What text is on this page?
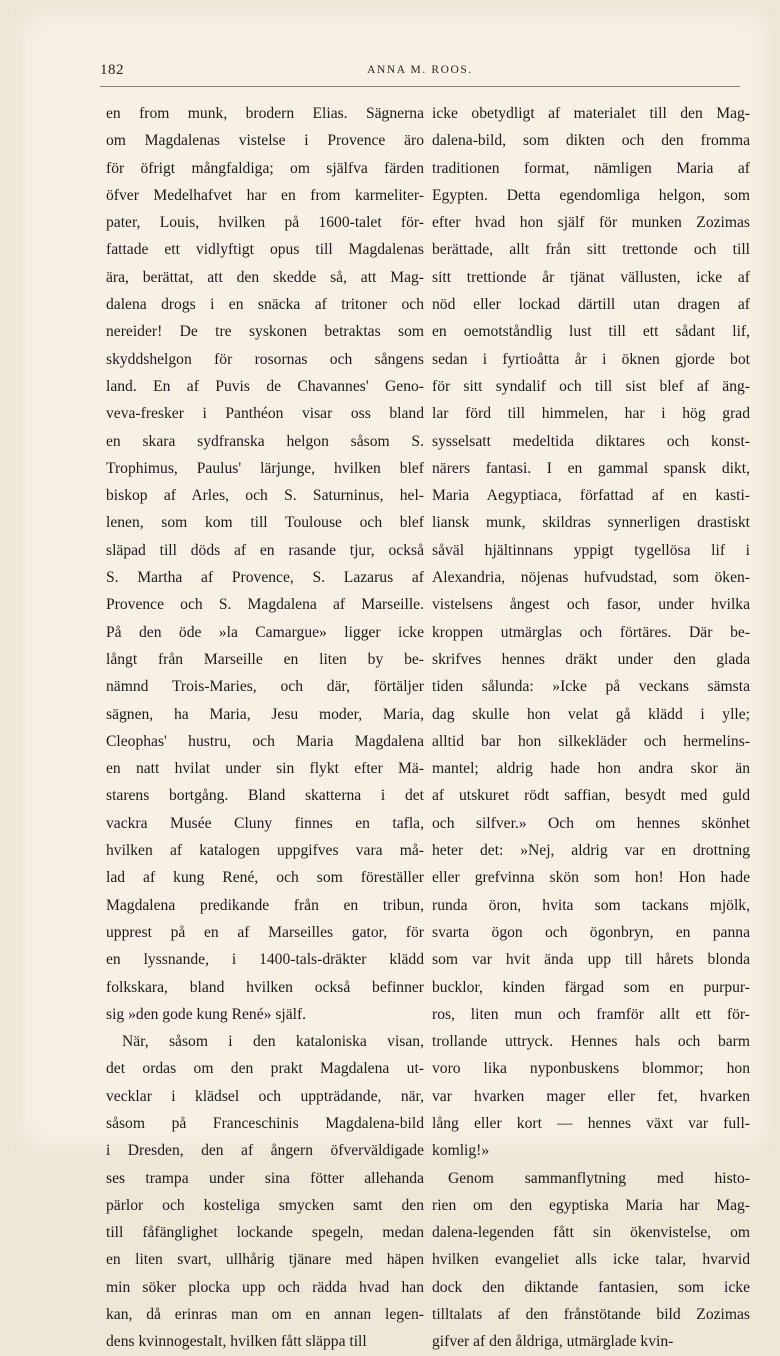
182	ANNA M. ROOS.
en from munk, brodern Elias. Sägnerna
om Magdalenas vistelse i Provence äro
för öfrigt mångfaldiga; om själfva färden
öfver Medelhafvet har en from karmeliter-
pater, Louis, hvilken på 1600-talet för-
fattade ett vidlyftigt opus till Magdalenas
ära, berättat, att den skedde så, att Mag-
dalena drogs i en snäcka af tritoner och
nereider! De tre syskonen betraktas som
skyddshelgon för rosornas och sångens
land. En af Puvis de Chavannes' Geno-
veva-fresker i Panthéon visar oss bland
en skara sydfranska helgon såsom S.
Trophimus, Paulus' lärjunge, hvilken blef
biskop af Arles, och S. Saturninus, hel-
lenen, som kom till Toulouse och blef
släpad till döds af en rasande tjur, också
S. Martha af Provence, S. Lazarus af
Provence och S. Magdalena af Marseille.
På den öde »la Camargue» ligger icke
långt från Marseille en liten by be-
nämnd Trois-Maries, och där, förtäljer
sägnen, ha Maria, Jesu moder, Maria,
Cleophas' hustru, och Maria Magdalena
en natt hvilat under sin flykt efter Mä-
starens bortgång. Bland skatterna i det
vackra Musée Cluny finnes en tafla,
hvilken af katalogen uppgifves vara må-
lad af kung René, och som föreställer
Magdalena predikande från en tribun,
upprest på en af Marseilles gator, för
en lyssnande, i 1400-tals-dräkter klädd
folkskara, bland hvilken också befinner
sig »den gode kung René» själf.
När, såsom i den kataloniska visan,
det ordas om den prakt Magdalena ut-
vecklar i klädsel och uppträdande, när,
såsom på Franceschinis Magdalena-bild
i Dresden, den af ångern öfverväldigade
ses trampa under sina fötter allehanda
pärlor och kosteliga smycken samt den
till fåfänglighet lockande spegeln, medan
en liten svart, ullhårig tjänare med häpen
min söker plocka upp och rädda hvad han
kan, då erinras man om en annan legen-
dens kvinnogestalt, hvilken fått släppa till
icke obetydligt af materialet till den Mag-
dalena-bild, som dikten och den fromma
traditionen format, nämligen Maria af
Egypten. Detta egendomliga helgon, som
efter hvad hon själf för munken Zozimas
berättade, allt från sitt trettonde och till
sitt trettionde år tjänat vällusten, icke af
nöd eller lockad därtill utan dragen af
en oemotståndlig lust till ett sådant lif,
sedan i fyrtioåtta år i öknen gjorde bot
för sitt syndalif och till sist blef af äng-
lar förd till himmelen, har i hög grad
sysselsatt medeltida diktares och konst-
närers fantasi. I en gammal spansk dikt,
Maria Aegyptiaca, författad af en kasti-
liansk munk, skildras synnerligen drastiskt
såväl hjältinnans yppigt tygellösa lif i
Alexandria, nöjenas hufvudstad, som öken-
vistelsens ångest och fasor, under hvilka
kroppen utmärglas och förtäres. Där be-
skrifves hennes dräkt under den glada
tiden sålunda: »Icke på veckans sämsta
dag skulle hon velat gå klädd i ylle;
alltid bar hon silkekläder och hermelins-
mantel; aldrig hade hon andra skor än
af utskuret rödt saffian, besydt med guld
och silfver.» Och om hennes skönhet
heter det: »Nej, aldrig var en drottning
eller grefvinna skön som hon! Hon hade
runda öron, hvita som tackans mjölk,
svarta ögon och ögonbryn, en panna
som var hvit ända upp till hårets blonda
bucklor, kinden färgad som en purpur-
ros, liten mun och framför allt ett för-
trollande uttryck. Hennes hals och barm
voro lika nyponbuskens blommor; hon
var hvarken mager eller fet, hvarken
lång eller kort — hennes växt var full-
komlig!»
Genom sammanflytning med histo-
rien om den egyptiska Maria har Mag-
dalena-legenden fått sin ökenvistelse, om
hvilken evangeliet alls icke talar, hvarvid
dock den diktande fantasien, som icke
tilltalats af den frånstötande bild Zozimas
gifver af den åldriga, utmärglade kvin-
